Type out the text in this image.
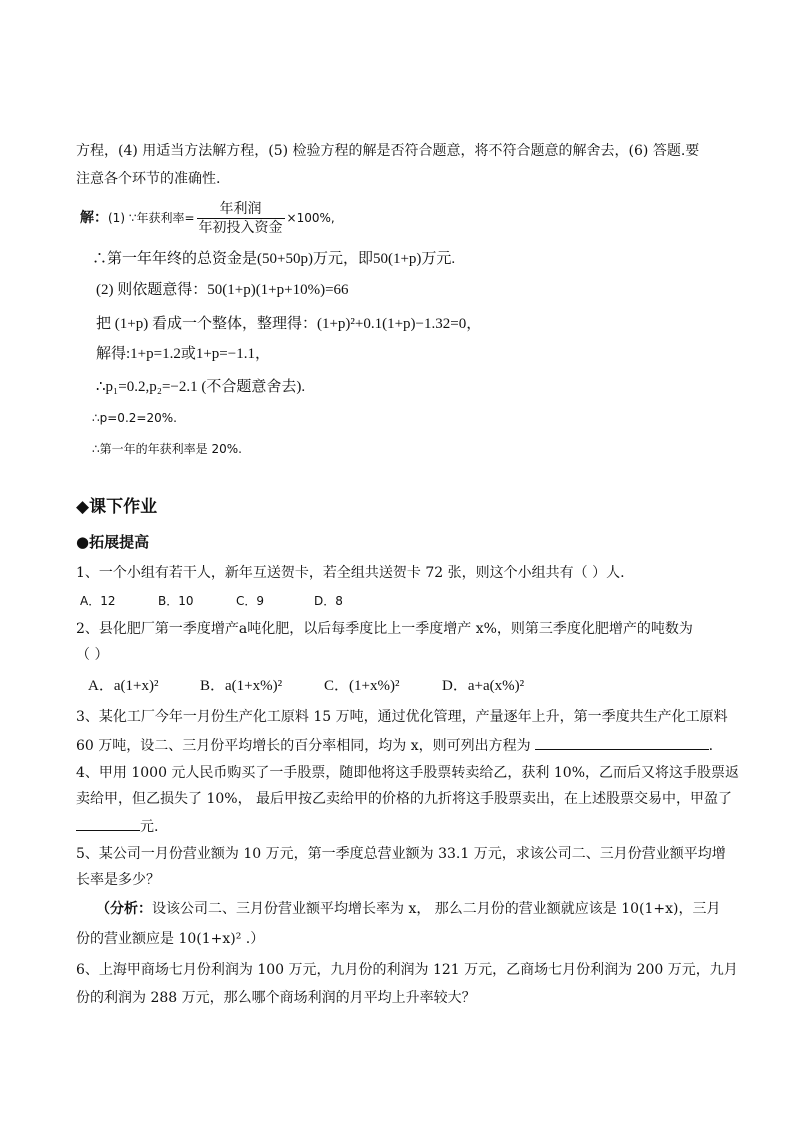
方程，(4) 用适当方法解方程，(5) 检验方程的解是否符合题意，将不符合题意的解舍去，(6) 答题.要
注意各个环节的准确性.
解：(1) ∵年获利率= $\frac{\text{年利润}}{\text{年初投入资金}} \times 100\%$,
∴第一年年终的总资金是(50+50p)万元，即50(1+p)万元.
(2) 则依题意得：50(1+p)(1+p+10%)=66
把 (1+p) 看成一个整体，整理得：(1+p)²+0.1(1+p)−1.32=0，
解得:1+p=1.2或1+p=−1.1，
∴p₁=0.2,p₂=−2.1 (不合题意舍去).
∴p=0.2=20%.
∴第一年的年获利率是 20%.
◆课下作业
●拓展提高
1、一个小组有若干人，新年互送贺卡，若全组共送贺卡 72 张，则这个小组共有（ ）人.
A．12	B．10	C．9	D．8
2、县化肥厂第一季度增产a吨化肥，以后每季度比上一季度增产 x%，则第三季度化肥增产的吨数为
（ ）
A．a(1+x)²	B．a(1+x%)²	C．(1+x%)²	D．a+a(x%)²
3、某化工厂今年一月份生产化工原料 15 万吨，通过优化管理，产量逐年上升，第一季度共生产化工原料
60 万吨，设二、三月份平均增长的百分率相同，均为 x，则可列出方程为	.
4、甲用 1000 元人民币购买了一手股票，随即他将这手股票转卖给乙，获利 10%，乙而后又将这手股票返
卖给甲，但乙损失了 10%， 最后甲按乙卖给甲的价格的九折将这手股票卖出，在上述股票交易中，甲盈了
元.
5、某公司一月份营业额为 10 万元，第一季度总营业额为 33.1 万元，求该公司二、三月份营业额平均增
长率是多少？
（分析：设该公司二、三月份营业额平均增长率为 x， 那么二月份的营业额就应该是 10(1+x)，三月
份的营业额应是 10(1+x)² .）
6、上海甲商场七月份利润为 100 万元，九月份的利润为 121 万元，乙商场七月份利润为 200 万元，九月
份的利润为 288 万元，那么哪个商场利润的月平均上升率较大？
